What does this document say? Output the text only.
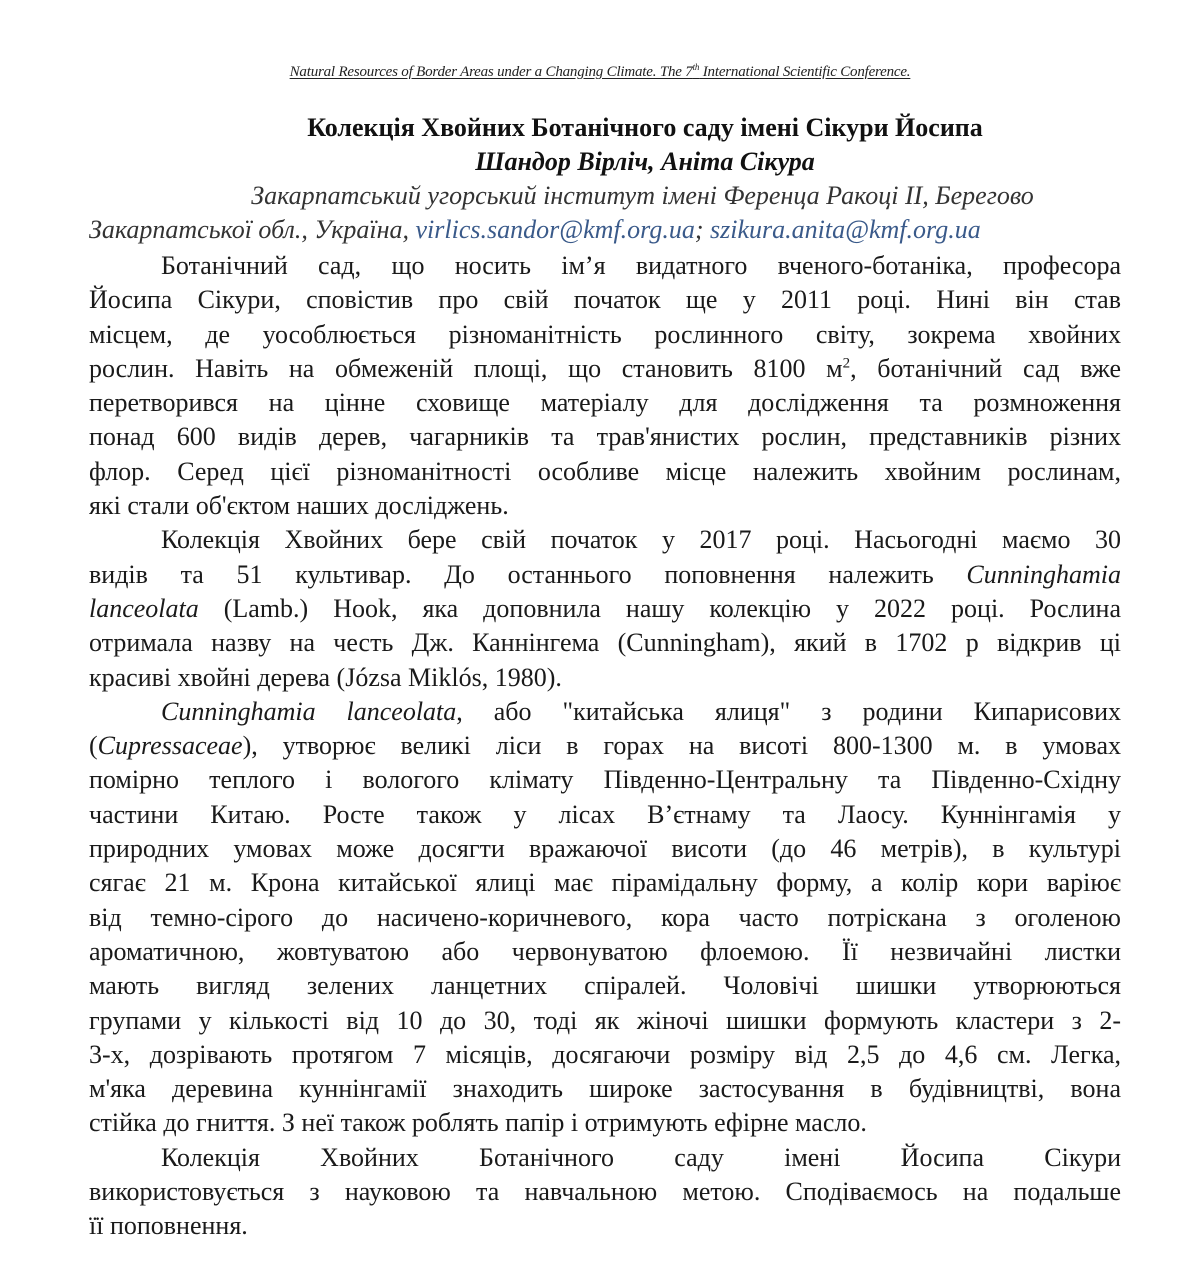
Natural Resources of Border Areas under a Changing Climate. The 7th International Scientific Conference.
Колекція Хвойних Ботанічного саду імені Сікури Йосипа
Шандор Вірліч, Аніта Сікура
Закарпатський угорський інститут імені Ференца Ракоці II, Берегово
Закарпатської обл., Україна, virlics.sandor@kmf.org.ua; szikura.anita@kmf.org.ua
Ботанічний сад, що носить ім’я видатного вченого-ботаніка, професора
Йосипа Сікури, сповістив про свій початок ще у 2011 році. Нині він став
місцем, де уособлюється різноманітність рослинного світу, зокрема хвойних
рослин. Навіть на обмеженій площі, що становить 8100 $м^2$, ботанічний сад вже
перетворився на цінне сховище матеріалу для дослідження та розмноження
понад 600 видів дерев, чагарників та трав'янистих рослин, представників різних
флор. Серед цієї різноманітності особливе місце належить хвойним рослинам,
які стали об'єктом наших досліджень.
Колекція Хвойних бере свій початок у 2017 році. Насьогодні маємо 30
видів та 51 культивар. До останнього поповнення належить Cunninghamia
lanceolata (Lamb.) Hook, яка доповнила нашу колекцію у 2022 році. Рослина
отримала назву на честь Дж. Каннінгема (Cunningham), який в 1702 р відкрив ці
красиві хвойні дерева (Józsa Miklós, 1980).
Cunninghamia lanceolata, або "китайська ялиця" з родини Кипарисових
(Cupressaceae), утворює великі ліси в горах на висоті 800-1300 м. в умовах
помірно теплого і вологого клімату Південно-Центральну та Південно-Східну
частини Китаю. Росте також у лісах В’єтнаму та Лаосу. Куннінгамія у
природних умовах може досягти вражаючої висоти (до 46 метрів), в культурі
сягає 21 м. Крона китайської ялиці має пірамідальну форму, а колір кори варіює
від темно-сірого до насичено-коричневого, кора часто потріскана з оголеною
ароматичною, жовтуватою або червонуватою флоемою. Її незвичайні листки
мають вигляд зелених ланцетних спіралей. Чоловічі шишки утворюються
групами у кількості від 10 до 30, тоді як жіночі шишки формують кластери з 2-
3-х, дозрівають протягом 7 місяців, досягаючи розміру від 2,5 до 4,6 см. Легка,
м'яка деревина куннінгамії знаходить широке застосування в будівництві, вона
стійка до гниття. З неї також роблять папір і отримують ефірне масло.
Колекція Хвойних Ботанічного саду імені Йосипа Сікури
використовується з науковою та навчальною метою. Сподіваємось на подальше
її поповнення.
